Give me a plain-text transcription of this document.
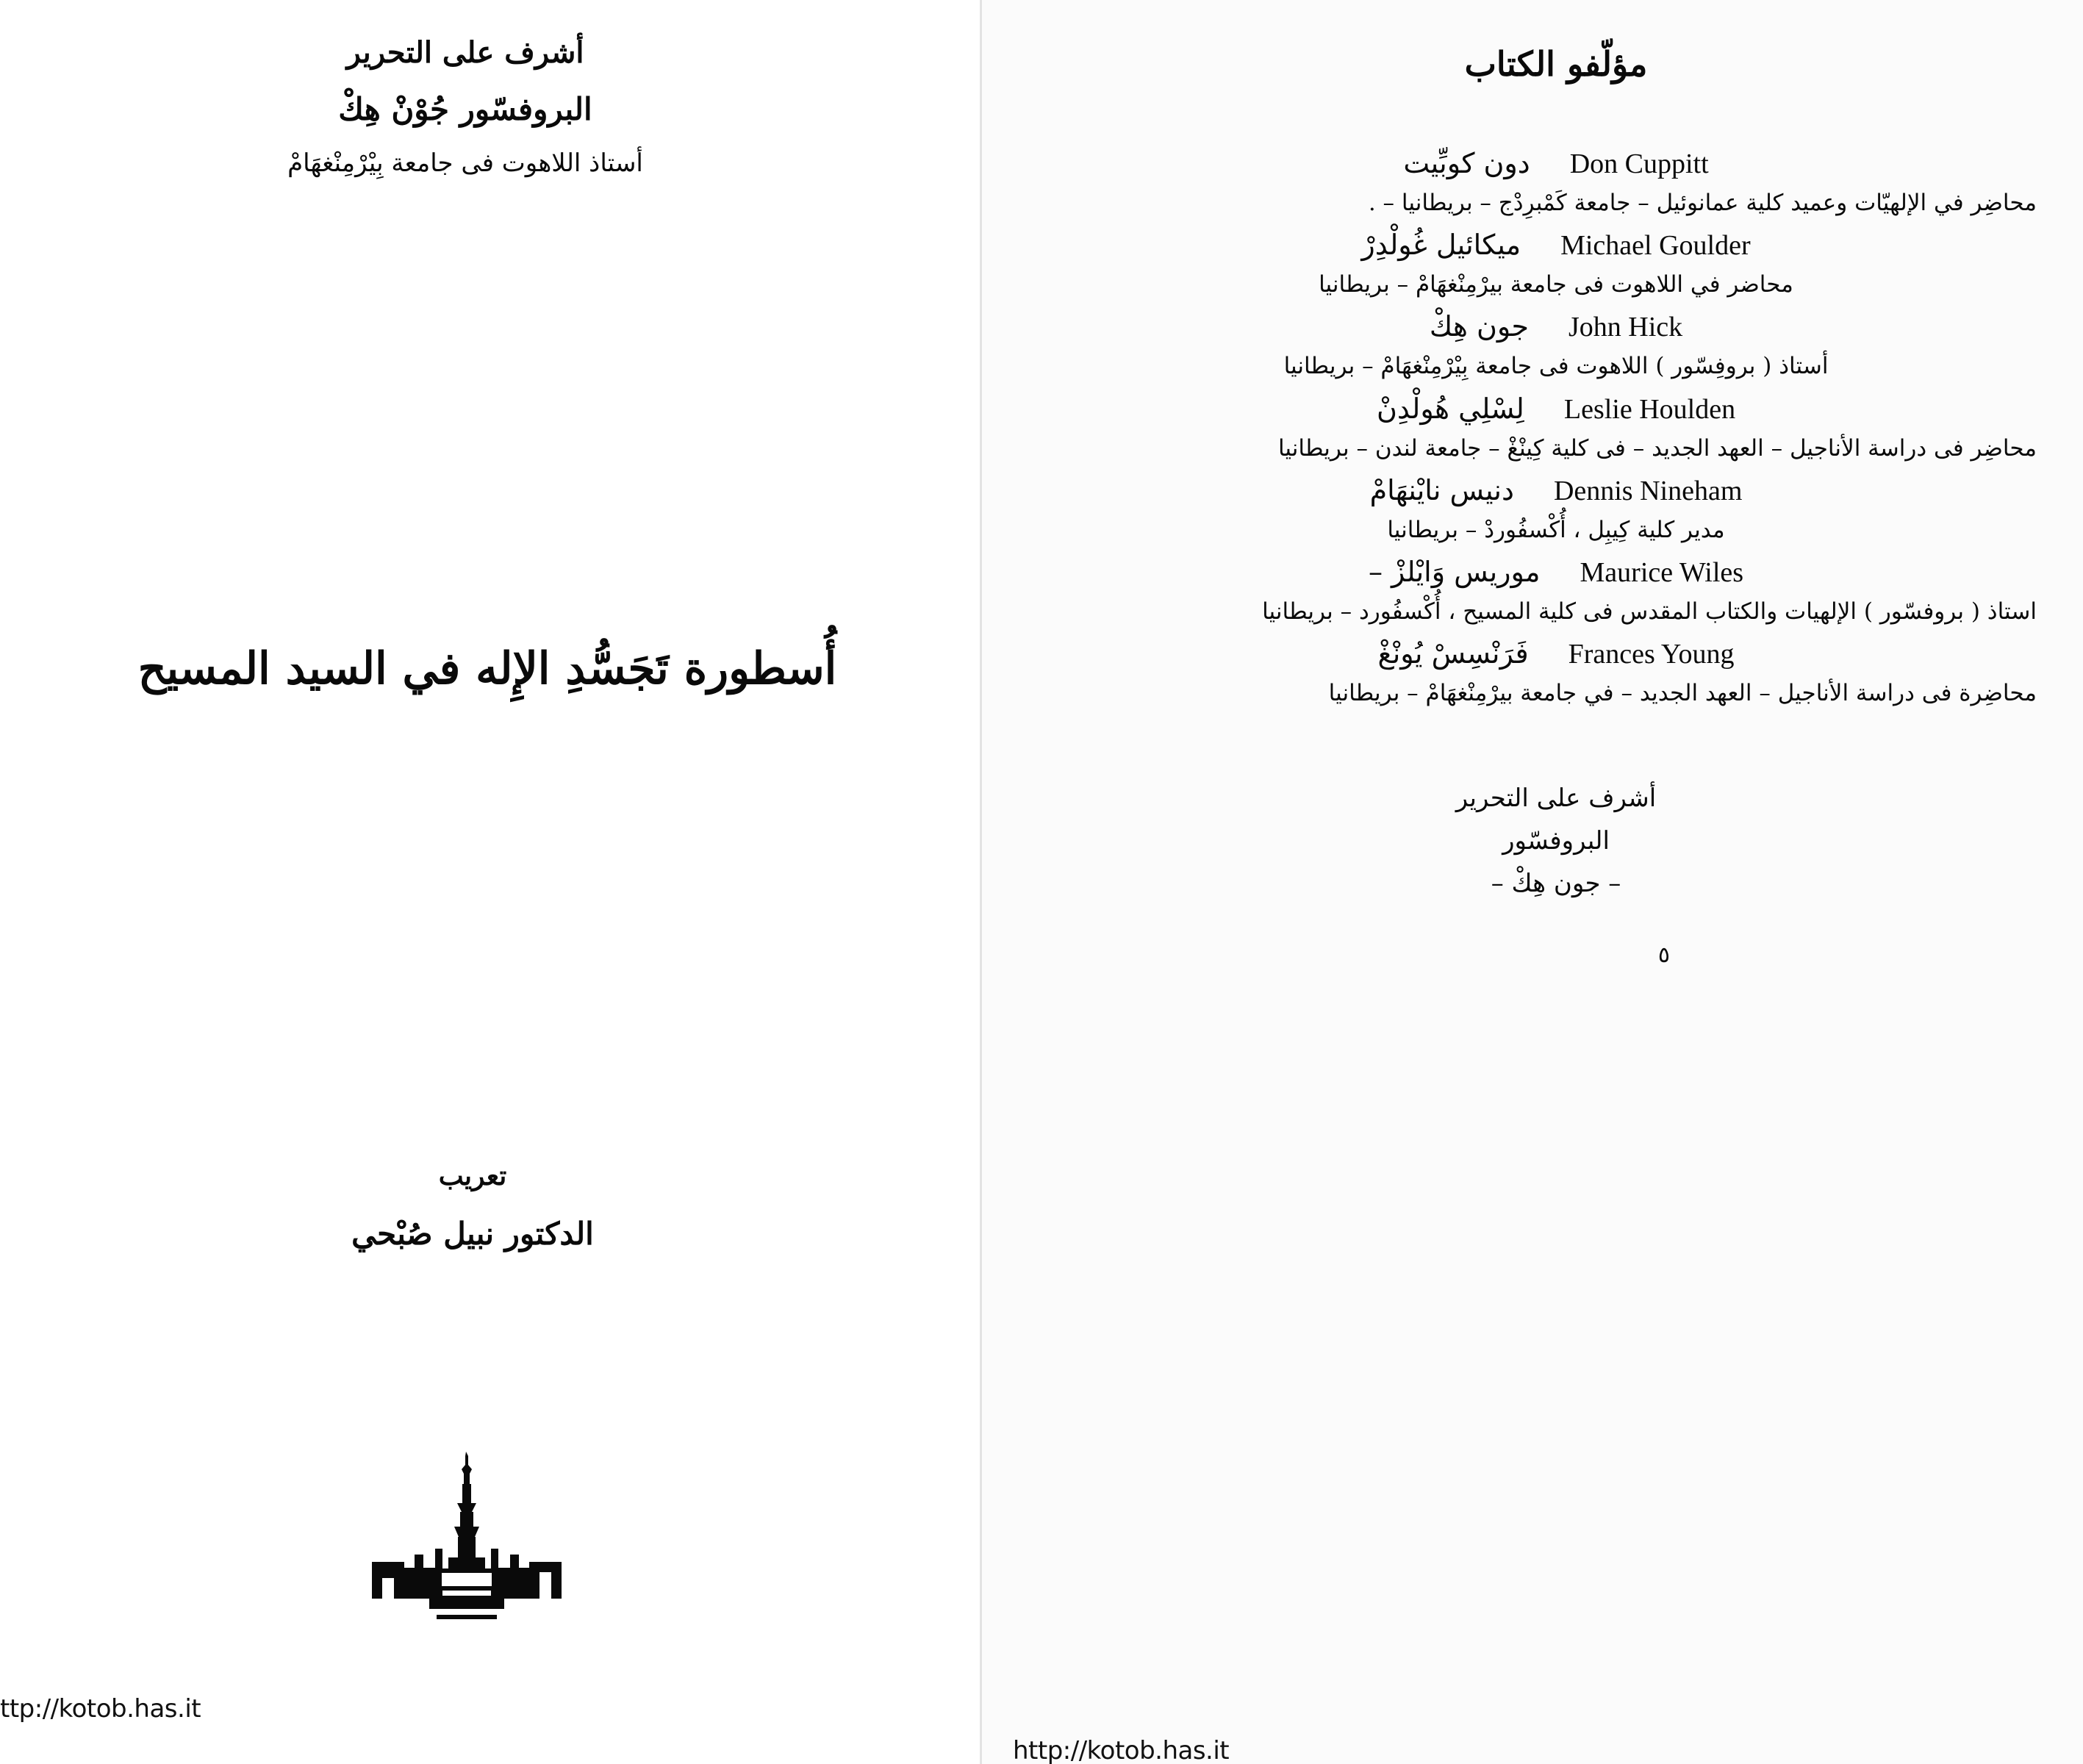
أشرف على التحرير
البروفسّور جُوْنْ هِكْ
أستاذ اللاهوت فى جامعة بِيْرْمِنْغهَامْ
أُسطورة تَجَسُّدِ الإِله في السيد المسيح
تعريب
الدكتور نبيل صُبْحي
ttp://kotob.has.it
مؤلّفو الكتاب
Don Cuppitt
دون كوبِّيت
محاضِر في الإلهيّات وعميد كلية عمانوئيل – جامعة كَمْبرِدْج – بريطانيا – .
Michael Goulder
ميكائيل غُولْدِرْ
محاضر في اللاهوت فى جامعة بيرْمِنْغهَامْ – بريطانيا
John Hick
جون هِكْ
أستاذ ( بروفِسّور ) اللاهوت فى جامعة بِيْرْمِنْغهَامْ – بريطانيا
Leslie Houlden
لِسْلِي هُولْدِنْ
محاضِر فى دراسة الأناجيل – العهد الجديد – فى كلية كِينْغْ – جامعة لندن – بريطانيا
Dennis Nineham
دنيس نايْنهَامْ
مدير كلية كِيبِل ، أُكْسفُوردْ – بريطانيا
Maurice Wiles
موريس وَايْلزْ –
استاذ ( بروفسّور ) الإلهيات والكتاب المقدس فى كلية المسيح ، أُكْسفُورد – بريطانيا
Frances Young
فَرَنْسِسْ يُونْغْ
محاضِرة فى دراسة الأناجيل – العهد الجديد – في جامعة بيرْمِنْغهَامْ – بريطانيا
أشرف على التحرير
البروفسّور
– جون هِكْ –
٥
http://kotob.has.it
